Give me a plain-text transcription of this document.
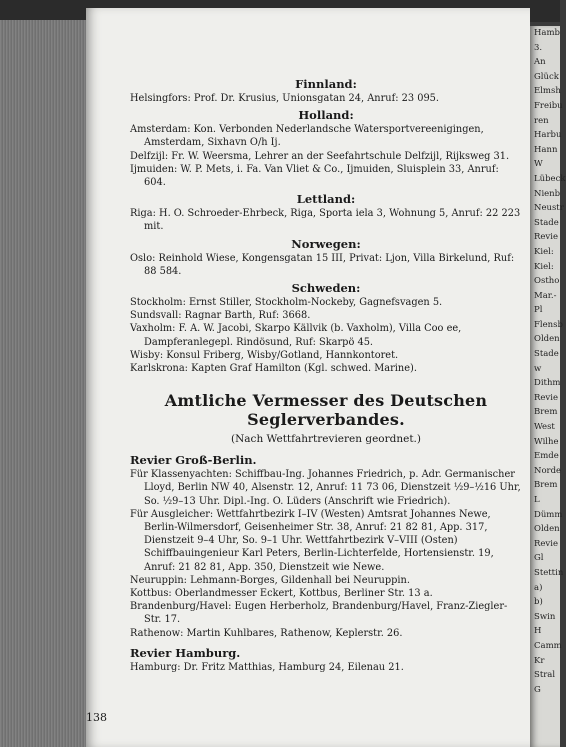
Hamb
3.
An
Glück
Elmsh
Freibu
ren
Harbu
Hann
W
Lübeck
Nienb
Neustr
Stade
Revie
Kiel:
Kiel:
Ostho
Mar.-
Pl
Flensb
Olden
Stade
w
Dithm
Revie
Brem
West
Wilhe
Emde
Norde
Brem
L
Dümm
Olden
Revie
Gl
Stettin
a)
b)
Swin
H
Camm
Kr
Stral
G
Finnland:

Helsingfors: Prof. Dr. Krusius, Unionsgatan 24, Anruf: 23 095.

Holland:

Amsterdam: Kon. Verbonden Nederlandsche Watersportvereenigingen, Amsterdam, Sixhavn O/h Ij.

Delfzijl: Fr. W. Weersma, Lehrer an der Seefahrtschule Delfzijl, Rijksweg 31.

Ijmuiden: W. P. Mets, i. Fa. Van Vliet & Co., Ijmuiden, Sluisplein 33, Anruf: 604.

Lettland:

Riga: H. O. Schroeder-Ehrbeck, Riga, Sporta iela 3, Wohnung 5, Anruf: 22 223 mit.

Norwegen:

Oslo: Reinhold Wiese, Kongensgatan 15 III, Privat: Ljon, Villa Birkelund, Ruf: 88 584.

Schweden:

Stockholm: Ernst Stiller, Stockholm-Nockeby, Gagnefsvagen 5.

Sundsvall: Ragnar Barth, Ruf: 3668.

Vaxholm: F. A. W. Jacobi, Skarpo Källvik (b. Vaxholm), Villa Coo ee, Dampferanlegepl. Rindösund, Ruf: Skarpö 45.

Wisby: Konsul Friberg, Wisby/Gotland, Hannkontoret.

Karlskrona: Kapten Graf Hamilton (Kgl. schwed. Marine).

Amtliche Vermesser des Deutschen Seglerverbandes.
(Nach Wettfahrtrevieren geordnet.)
Revier Groß-Berlin.

Für Klassenyachten: Schiffbau-Ing. Johannes Friedrich, p. Adr. Germanischer Lloyd, Berlin NW 40, Alsenstr. 12, Anruf: 11 73 06, Dienstzeit ½9–½16 Uhr, So. ½9–13 Uhr. Dipl.-Ing. O. Lüders (Anschrift wie Friedrich).

Für Ausgleicher: Wettfahrtbezirk I–IV (Westen) Amtsrat Johannes Newe, Berlin-Wilmersdorf, Geisenheimer Str. 38, Anruf: 21 82 81, App. 317, Dienstzeit 9–4 Uhr, So. 9–1 Uhr. Wettfahrtbezirk V–VIII (Osten) Schiffbauingenieur Karl Peters, Berlin-Lichterfelde, Hortensienstr. 19, Anruf: 21 82 81, App. 350, Dienstzeit wie Newe.

Neuruppin: Lehmann-Borges, Gildenhall bei Neuruppin.

Kottbus: Oberlandmesser Eckert, Kottbus, Berliner Str. 13 a.

Brandenburg/Havel: Eugen Herberholz, Brandenburg/Havel, Franz-Ziegler-Str. 17.

Rathenow: Martin Kuhlbares, Rathenow, Keplerstr. 26.

Revier Hamburg.

Hamburg: Dr. Fritz Matthias, Hamburg 24, Eilenau 21.

138
